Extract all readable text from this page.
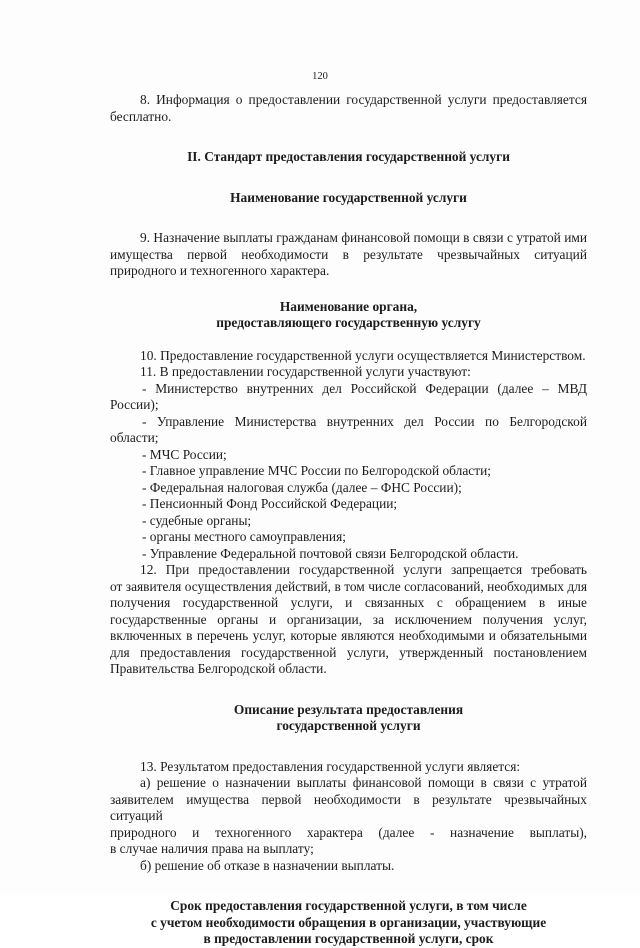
120

8. Информация о предоставлении государственной услуги предоставляется

бесплатно.

II. Стандарт предоставления государственной услуги

Наименование государственной услуги

9. Назначение выплаты гражданам финансовой помощи в связи с утратой ими

имущества первой необходимости в результате чрезвычайных ситуаций

природного и техногенного характера.

Наименование органа,

предоставляющего государственную услугу

10. Предоставление государственной услуги осуществляется Министерством.

11. В предоставлении государственной услуги участвуют:

- Министерство внутренних дел Российской Федерации (далее – МВД

России);

- Управление Министерства внутренних дел России по Белгородской

области;

- МЧС России;

- Главное управление МЧС России по Белгородской области;

- Федеральная налоговая служба (далее – ФНС России);

- Пенсионный Фонд Российской Федерации;

- судебные органы;

- органы местного самоуправления;

- Управление Федеральной почтовой связи Белгородской области.

12. При предоставлении государственной услуги запрещается требовать

от заявителя осуществления действий, в том числе согласований, необходимых для

получения государственной услуги, и связанных с обращением в иные

государственные органы и организации, за исключением получения услуг,

включенных в перечень услуг, которые являются необходимыми и обязательными

для предоставления государственной услуги, утвержденный постановлением

Правительства Белгородской области.

Описание результата предоставления

государственной услуги

13. Результатом предоставления государственной услуги является:

а) решение о назначении выплаты финансовой помощи в связи с утратой

заявителем имущества первой необходимости в результате чрезвычайных ситуаций

природного и техногенного характера (далее - назначение выплаты),

в случае наличия права на выплату;

б) решение об отказе в назначении выплаты.

Срок предоставления государственной услуги, в том числе

с учетом необходимости обращения в организации, участвующие

в предоставлении государственной услуги, срок
